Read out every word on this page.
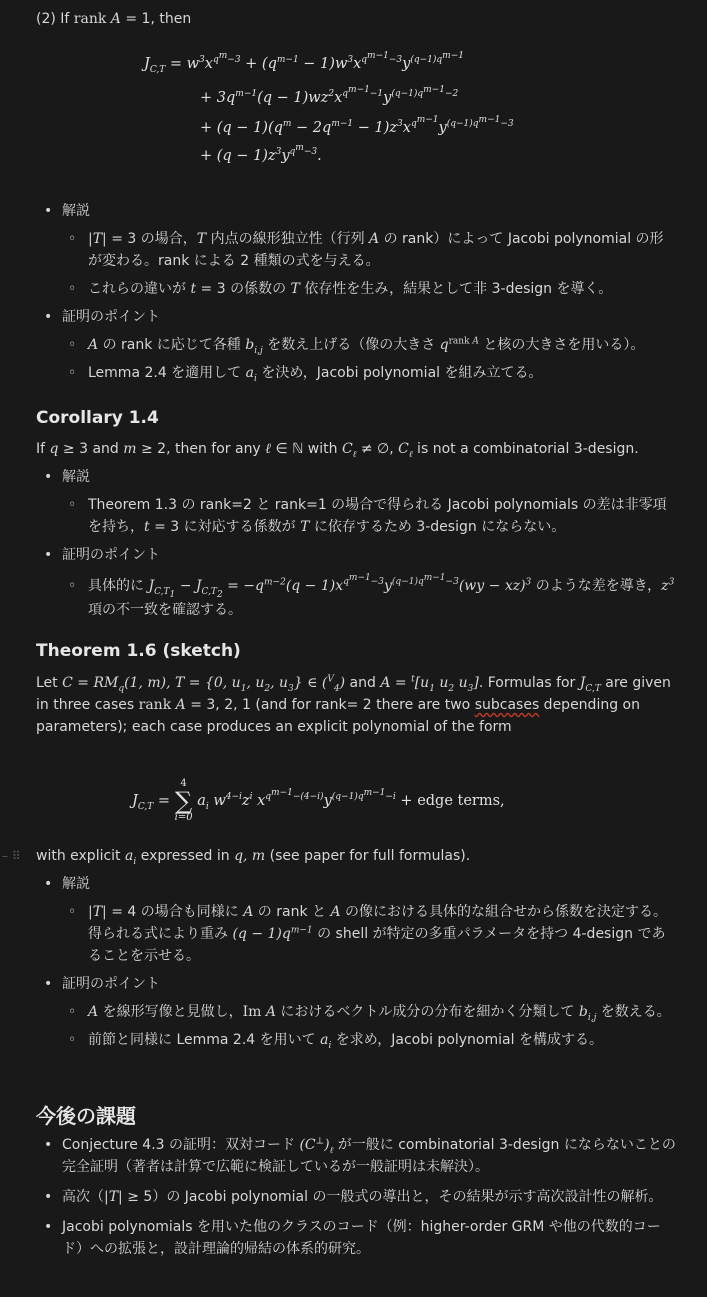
(2) If rank A = 1, then
$J_{C,T} = w^3x^{q^m-3} + (q^{m-1} - 1)w^3x^{q^{m-1}-3}y^{(q-1)q^{m-1}}$
+ $3q^{m-1}(q - 1)wz^2x^{q^{m-1}-1}y^{(q-1)q^{m-1}-2}$
+ $(q - 1)(q^m - 2q^{m-1} - 1)z^3x^{q^{m-1}}y^{(q-1)q^{m-1}-3}$
+ $(q - 1)z^3y^{q^m-3}$.
• 解説
◦ |T| = 3 の場合，T 内点の線形独立性（行列 A の rank）によって Jacobi polynomial の形が変わる。rank による 2 種類の式を与える。
◦ これらの違いが t = 3 の係数の T 依存性を生み，結果として非 3-design を導く。
• 証明のポイント
◦ A の rank に応じて各種 $b_{i,j}$ を数え上げる（像の大きさ $q^{rank A}$ と核の大きさを用いる）。
◦ Lemma 2.4 を適用して $a_i$ を決め，Jacobi polynomial を組み立てる。
Corollary 1.4
If q ≥ 3 and m ≥ 2, then for any ℓ ∈ ℕ with $C_\ell$ ≠ ∅, $C_\ell$ is not a combinatorial 3-design.
• 解説
◦ Theorem 1.3 の rank=2 と rank=1 の場合で得られる Jacobi polynomials の差は非零項を持ち，t = 3 に対応する係数が T に依存するため 3-design にならない。
• 証明のポイント
◦ 具体的に $J_{C,T_1} - J_{C,T_2} = -q^{m-2}(q - 1)x^{q^{m-1}-3}y^{(q-1)q^{m-1}-3}(wy - xz)^3$ のような差を導き，$z^3$ 項の不一致を確認する。
Theorem 1.6 (sketch)
Let $C = RM_q(1$, m), T = {0, $u_1$, $u_2$, $u_3$} ∈ ($^V_4$) and $A = ^t[u_1$ $u_2$ $u_3$]. Formulas for $J_{C,T}$ are given in three cases rank A = 3, 2, 1 (and for rank= 2 there are two subcases depending on parameters); each case produces an explicit polynomial of the form
$J_{C,T}$ =
4
∑
i=0
$a_i$ $w^{4-i}z^i$ $x^{q^{m-1}-(4-i)}y^{(q-1)q^{m-1}-i}$ + edge terms,
– ⠿ with explicit $a_i$ expressed in q, m (see paper for full formulas).
• 解説
◦ |T| = 4 の場合も同様に A の rank と A の像における具体的な組合せから係数を決定する。得られる式により重み $(q - 1)q^{m-1}$ の shell が特定の多重パラメータを持つ 4-design であることを示せる。
• 証明のポイント
◦ A を線形写像と見做し，Im A におけるベクトル成分の分布を細かく分類して $b_{i,j}$ を数える。
◦ 前節と同様に Lemma 2.4 を用いて $a_i$ を求め，Jacobi polynomial を構成する。
今後の課題
• Conjecture 4.3 の証明：双対コード $(C^\perp)_\ell$ が一般に combinatorial 3-design にならないことの完全証明（著者は計算で広範に検証しているが一般証明は未解決）。
• 高次（|T| ≥ 5）の Jacobi polynomial の一般式の導出と，その結果が示す高次設計性の解析。
• Jacobi polynomials を用いた他のクラスのコード（例：higher-order GRM や他の代数的コード）への拡張と，設計理論的帰結の体系的研究。
